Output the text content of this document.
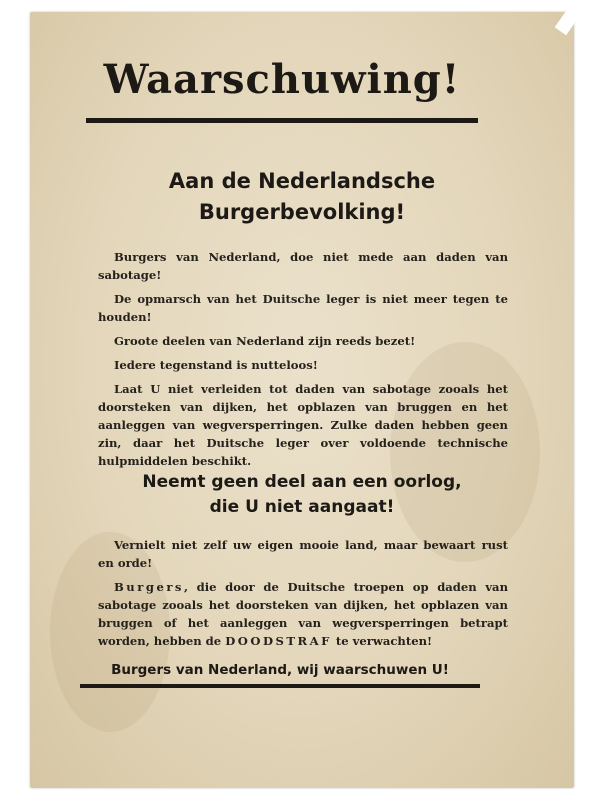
Waarschuwing!
Aan de Nederlandsche
Burgerbevolking!

Burgers van Nederland, doe niet mede aan daden van sabotage!

De opmarsch van het Duitsche leger is niet meer tegen te houden!

Groote deelen van Nederland zijn reeds bezet!

Iedere tegenstand is nutteloos!

Laat U niet verleiden tot daden van sabotage zooals het doorsteken van dijken, het opblazen van bruggen en het aanleggen van wegversperringen. Zulke daden hebben geen zin, daar het Duitsche leger over voldoende technische hulpmiddelen beschikt.

Neemt geen deel aan een oorlog,
die U niet aangaat!

Vernielt niet zelf uw eigen mooie land, maar bewaart rust en orde!

Burgers, die door de Duitsche troepen op daden van sabotage zooals het doorsteken van dijken, het opblazen van bruggen of het aanleggen van wegversperringen betrapt worden, hebben de DOODSTRAF te verwachten!

Burgers van Nederland, wij waarschuwen U!
